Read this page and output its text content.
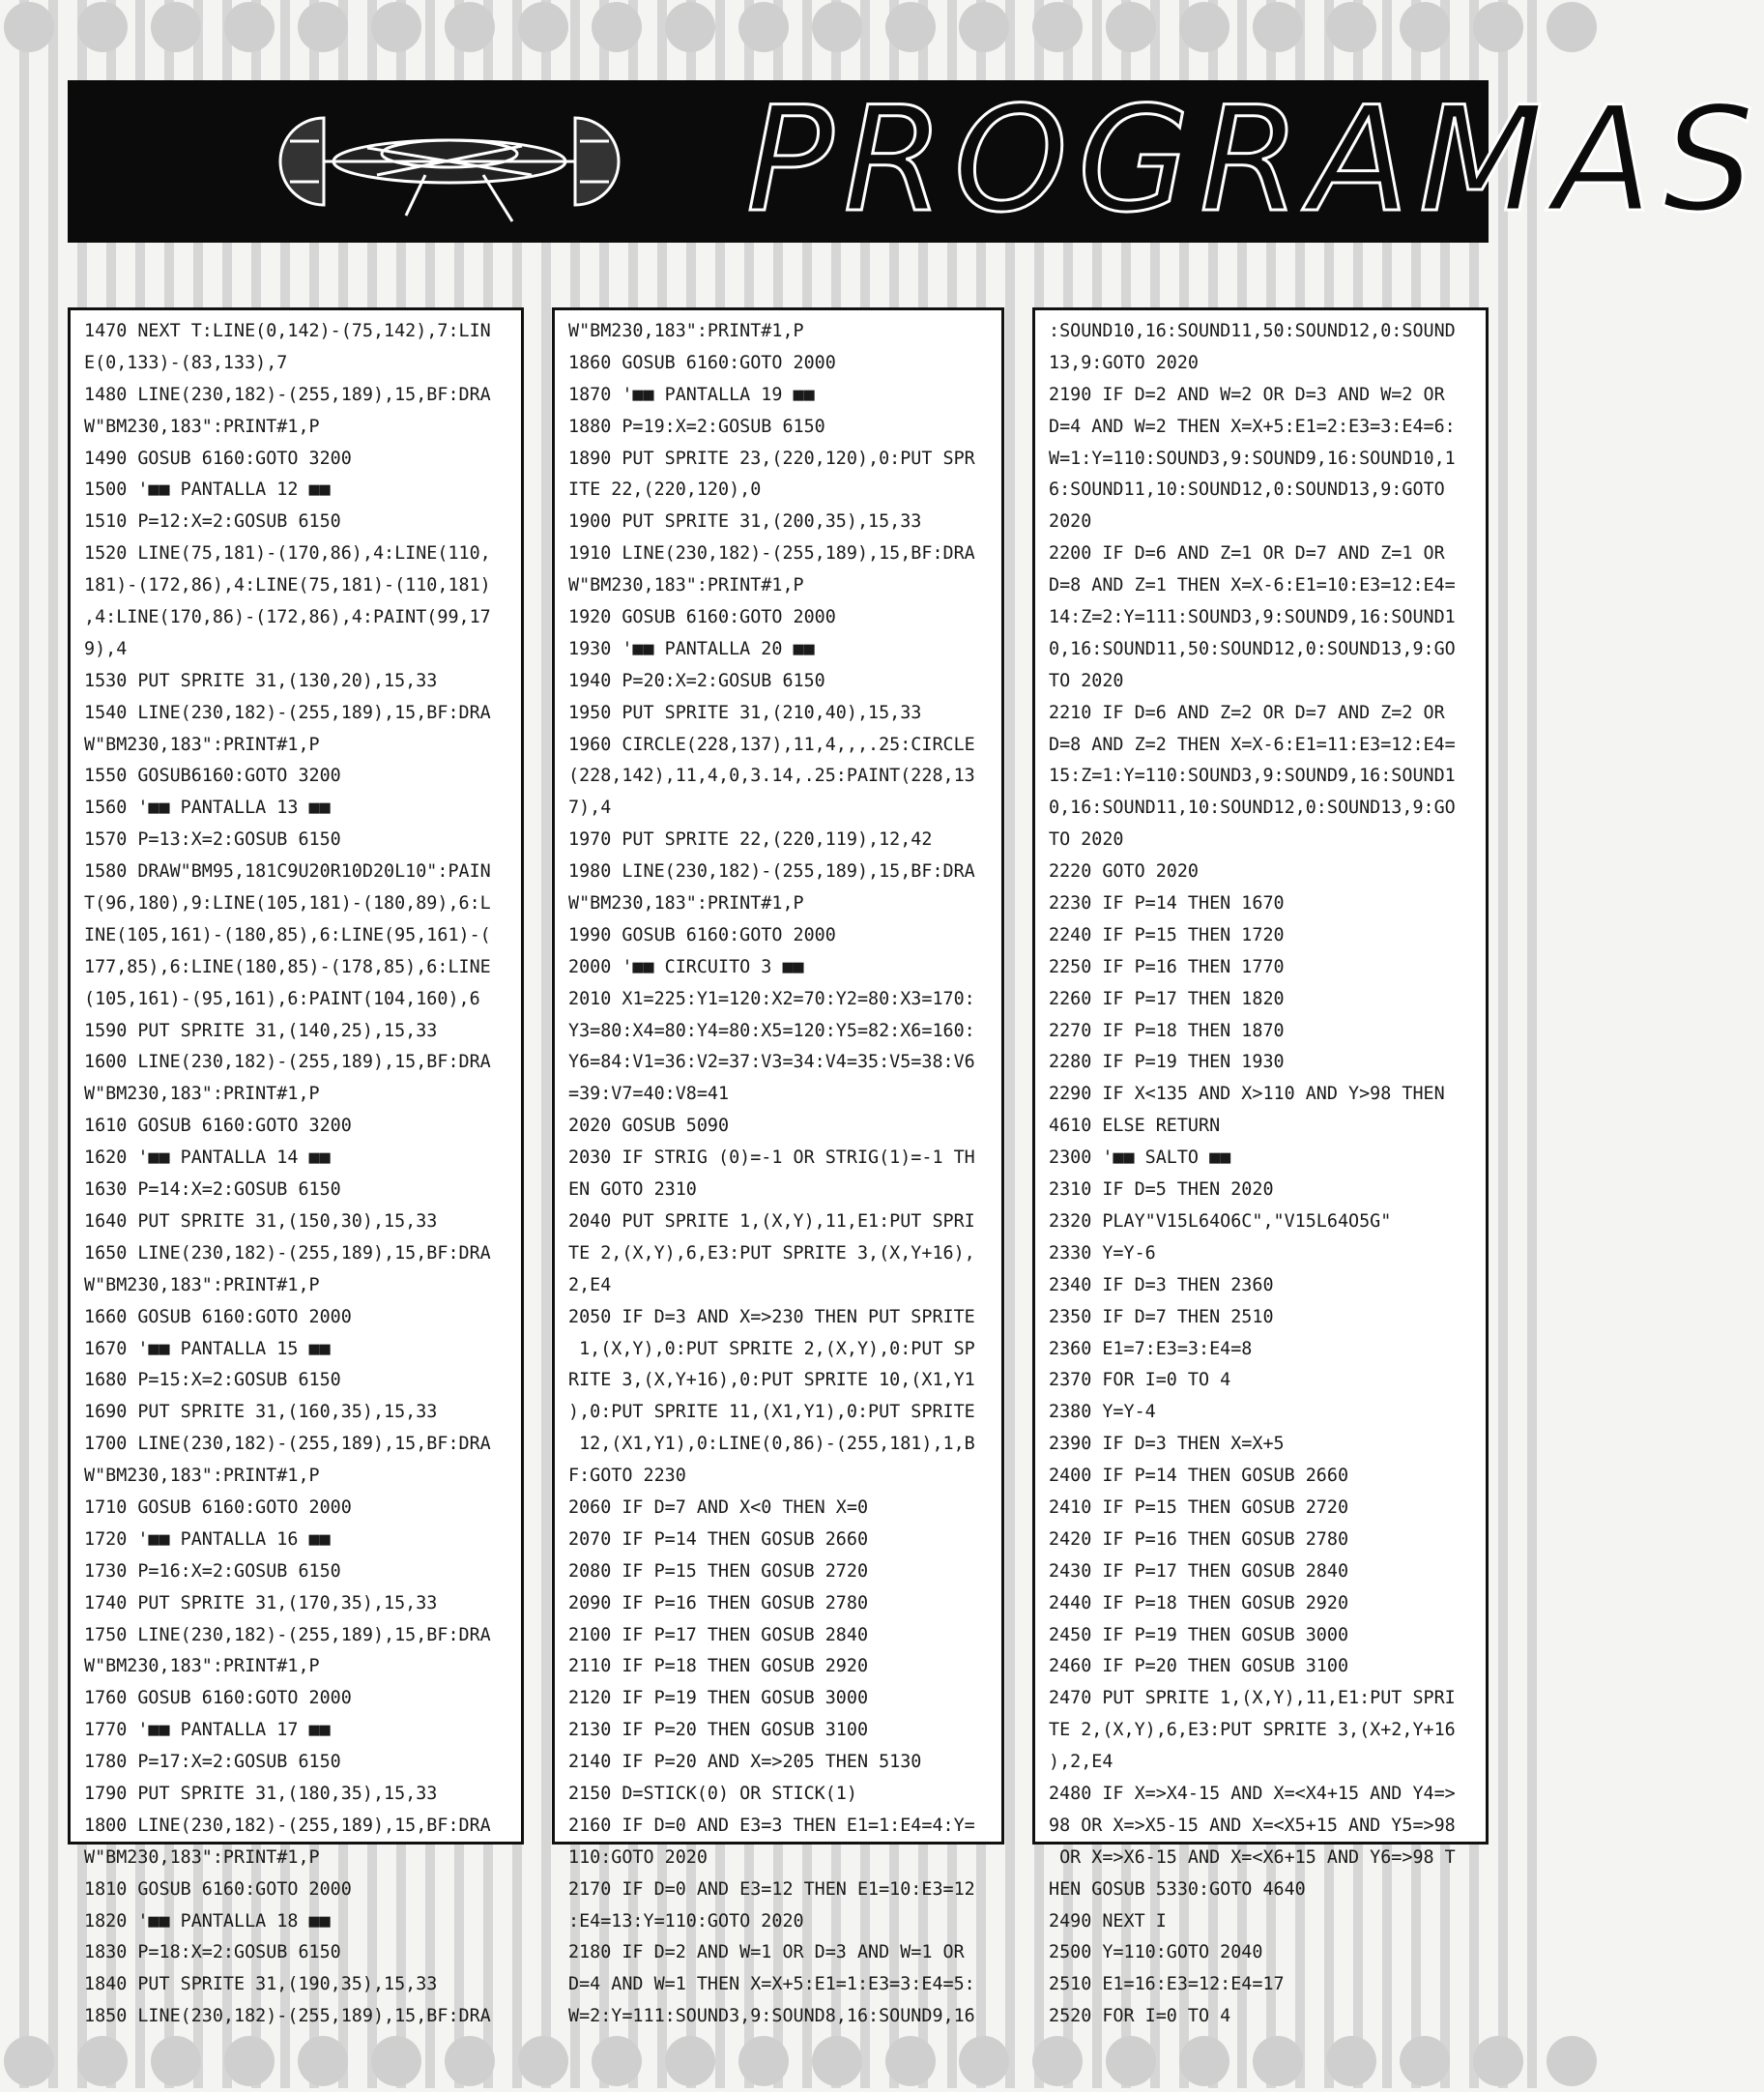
PROGRAMAS
1470 NEXT T:LINE(0,142)-(75,142),7:LIN
E(0,133)-(83,133),7
1480 LINE(230,182)-(255,189),15,BF:DRA
W"BM230,183":PRINT#1,P
1490 GOSUB 6160:GOTO 3200
1500 '■■ PANTALLA 12 ■■
1510 P=12:X=2:GOSUB 6150
1520 LINE(75,181)-(170,86),4:LINE(110,
181)-(172,86),4:LINE(75,181)-(110,181)
,4:LINE(170,86)-(172,86),4:PAINT(99,17
9),4
1530 PUT SPRITE 31,(130,20),15,33
1540 LINE(230,182)-(255,189),15,BF:DRA
W"BM230,183":PRINT#1,P
1550 GOSUB6160:GOTO 3200
1560 '■■ PANTALLA 13 ■■
1570 P=13:X=2:GOSUB 6150
1580 DRAW"BM95,181C9U20R10D20L10":PAIN
T(96,180),9:LINE(105,181)-(180,89),6:L
INE(105,161)-(180,85),6:LINE(95,161)-(
177,85),6:LINE(180,85)-(178,85),6:LINE
(105,161)-(95,161),6:PAINT(104,160),6
1590 PUT SPRITE 31,(140,25),15,33
1600 LINE(230,182)-(255,189),15,BF:DRA
W"BM230,183":PRINT#1,P
1610 GOSUB 6160:GOTO 3200
1620 '■■ PANTALLA 14 ■■
1630 P=14:X=2:GOSUB 6150
1640 PUT SPRITE 31,(150,30),15,33
1650 LINE(230,182)-(255,189),15,BF:DRA
W"BM230,183":PRINT#1,P
1660 GOSUB 6160:GOTO 2000
1670 '■■ PANTALLA 15 ■■
1680 P=15:X=2:GOSUB 6150
1690 PUT SPRITE 31,(160,35),15,33
1700 LINE(230,182)-(255,189),15,BF:DRA
W"BM230,183":PRINT#1,P
1710 GOSUB 6160:GOTO 2000
1720 '■■ PANTALLA 16 ■■
1730 P=16:X=2:GOSUB 6150
1740 PUT SPRITE 31,(170,35),15,33
1750 LINE(230,182)-(255,189),15,BF:DRA
W"BM230,183":PRINT#1,P
1760 GOSUB 6160:GOTO 2000
1770 '■■ PANTALLA 17 ■■
1780 P=17:X=2:GOSUB 6150
1790 PUT SPRITE 31,(180,35),15,33
1800 LINE(230,182)-(255,189),15,BF:DRA
W"BM230,183":PRINT#1,P
1810 GOSUB 6160:GOTO 2000
1820 '■■ PANTALLA 18 ■■
1830 P=18:X=2:GOSUB 6150
1840 PUT SPRITE 31,(190,35),15,33
1850 LINE(230,182)-(255,189),15,BF:DRA
W"BM230,183":PRINT#1,P
1860 GOSUB 6160:GOTO 2000
1870 '■■ PANTALLA 19 ■■
1880 P=19:X=2:GOSUB 6150
1890 PUT SPRITE 23,(220,120),0:PUT SPR
ITE 22,(220,120),0
1900 PUT SPRITE 31,(200,35),15,33
1910 LINE(230,182)-(255,189),15,BF:DRA
W"BM230,183":PRINT#1,P
1920 GOSUB 6160:GOTO 2000
1930 '■■ PANTALLA 20 ■■
1940 P=20:X=2:GOSUB 6150
1950 PUT SPRITE 31,(210,40),15,33
1960 CIRCLE(228,137),11,4,,,.25:CIRCLE
(228,142),11,4,0,3.14,.25:PAINT(228,13
7),4
1970 PUT SPRITE 22,(220,119),12,42
1980 LINE(230,182)-(255,189),15,BF:DRA
W"BM230,183":PRINT#1,P
1990 GOSUB 6160:GOTO 2000
2000 '■■ CIRCUITO 3 ■■
2010 X1=225:Y1=120:X2=70:Y2=80:X3=170:
Y3=80:X4=80:Y4=80:X5=120:Y5=82:X6=160:
Y6=84:V1=36:V2=37:V3=34:V4=35:V5=38:V6
=39:V7=40:V8=41
2020 GOSUB 5090
2030 IF STRIG (0)=-1 OR STRIG(1)=-1 TH
EN GOTO 2310
2040 PUT SPRITE 1,(X,Y),11,E1:PUT SPRI
TE 2,(X,Y),6,E3:PUT SPRITE 3,(X,Y+16),
2,E4
2050 IF D=3 AND X=>230 THEN PUT SPRITE
1,(X,Y),0:PUT SPRITE 2,(X,Y),0:PUT SP
RITE 3,(X,Y+16),0:PUT SPRITE 10,(X1,Y1
),0:PUT SPRITE 11,(X1,Y1),0:PUT SPRITE
12,(X1,Y1),0:LINE(0,86)-(255,181),1,B
F:GOTO 2230
2060 IF D=7 AND X<0 THEN X=0
2070 IF P=14 THEN GOSUB 2660
2080 IF P=15 THEN GOSUB 2720
2090 IF P=16 THEN GOSUB 2780
2100 IF P=17 THEN GOSUB 2840
2110 IF P=18 THEN GOSUB 2920
2120 IF P=19 THEN GOSUB 3000
2130 IF P=20 THEN GOSUB 3100
2140 IF P=20 AND X=>205 THEN 5130
2150 D=STICK(0) OR STICK(1)
2160 IF D=0 AND E3=3 THEN E1=1:E4=4:Y=
110:GOTO 2020
2170 IF D=0 AND E3=12 THEN E1=10:E3=12
:E4=13:Y=110:GOTO 2020
2180 IF D=2 AND W=1 OR D=3 AND W=1 OR
D=4 AND W=1 THEN X=X+5:E1=1:E3=3:E4=5:
W=2:Y=111:SOUND3,9:SOUND8,16:SOUND9,16
:SOUND10,16:SOUND11,50:SOUND12,0:SOUND
13,9:GOTO 2020
2190 IF D=2 AND W=2 OR D=3 AND W=2 OR
D=4 AND W=2 THEN X=X+5:E1=2:E3=3:E4=6:
W=1:Y=110:SOUND3,9:SOUND9,16:SOUND10,1
6:SOUND11,10:SOUND12,0:SOUND13,9:GOTO
2020
2200 IF D=6 AND Z=1 OR D=7 AND Z=1 OR
D=8 AND Z=1 THEN X=X-6:E1=10:E3=12:E4=
14:Z=2:Y=111:SOUND3,9:SOUND9,16:SOUND1
0,16:SOUND11,50:SOUND12,0:SOUND13,9:GO
TO 2020
2210 IF D=6 AND Z=2 OR D=7 AND Z=2 OR
D=8 AND Z=2 THEN X=X-6:E1=11:E3=12:E4=
15:Z=1:Y=110:SOUND3,9:SOUND9,16:SOUND1
0,16:SOUND11,10:SOUND12,0:SOUND13,9:GO
TO 2020
2220 GOTO 2020
2230 IF P=14 THEN 1670
2240 IF P=15 THEN 1720
2250 IF P=16 THEN 1770
2260 IF P=17 THEN 1820
2270 IF P=18 THEN 1870
2280 IF P=19 THEN 1930
2290 IF X<135 AND X>110 AND Y>98 THEN
4610 ELSE RETURN
2300 '■■ SALTO ■■
2310 IF D=5 THEN 2020
2320 PLAY"V15L64O6C","V15L64O5G"
2330 Y=Y-6
2340 IF D=3 THEN 2360
2350 IF D=7 THEN 2510
2360 E1=7:E3=3:E4=8
2370 FOR I=0 TO 4
2380 Y=Y-4
2390 IF D=3 THEN X=X+5
2400 IF P=14 THEN GOSUB 2660
2410 IF P=15 THEN GOSUB 2720
2420 IF P=16 THEN GOSUB 2780
2430 IF P=17 THEN GOSUB 2840
2440 IF P=18 THEN GOSUB 2920
2450 IF P=19 THEN GOSUB 3000
2460 IF P=20 THEN GOSUB 3100
2470 PUT SPRITE 1,(X,Y),11,E1:PUT SPRI
TE 2,(X,Y),6,E3:PUT SPRITE 3,(X+2,Y+16
),2,E4
2480 IF X=>X4-15 AND X=<X4+15 AND Y4=>
98 OR X=>X5-15 AND X=<X5+15 AND Y5=>98
OR X=>X6-15 AND X=<X6+15 AND Y6=>98 T
HEN GOSUB 5330:GOTO 4640
2490 NEXT I
2500 Y=110:GOTO 2040
2510 E1=16:E3=12:E4=17
2520 FOR I=0 TO 4
